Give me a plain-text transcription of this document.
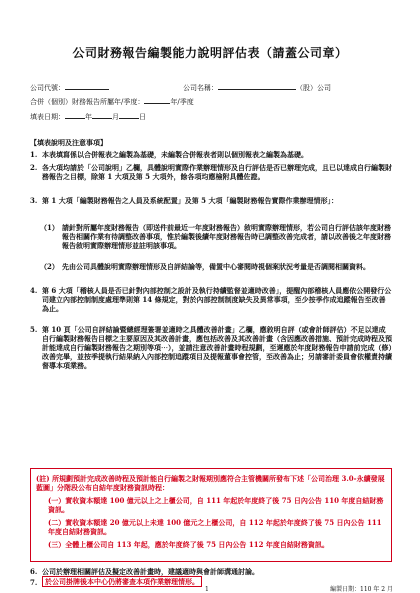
公司財務報告編製能力說明評估表（請蓋公司章）
公司代號：	公司名稱：	（股）公司
合併（個別）財務報告所屬年/季度：	年/季度
填表日期：	年	月	日
【填表說明及注意事項】
1. 本表填寫係以合併報表之編製為基礎，未編製合併報表者則以個別報表之編製為基礎。
2. 各大項均請於「公司說明」乙欄，具體說明實際作業辦理情形及自行評估是否已辦理完成，且已以達成自行編製財務報告之目標，除第 1 大項及第 5 大項外，餘各項均應檢附具體佐證。
3. 第 1 大項「編製財務報告之人員及系統配置」及第 5 大項「編製財務報告實際作業辦理情形」：
（1） 請針對所屬年度財務報告（即送件前最近一年度財務報告）敘明實際辦理情形，若公司自行評估該年度財務報告相關作業有待調整改善事項，惟於編製後續年度財務報告時已調整改善完成者，請以改善後之年度財務報告敘明實際辦理情形並註明該事項。
（2） 先由公司具體說明實際辦理情形及自評結論等，備置中心審閱時視個案狀況考量是否調閱相關資料。
4. 第 6 大項「稽核人員是否已針對內部控制之設計及執行持續監督並適時改善」，提醒內部稽核人員應依公開發行公司建立內部控制制度處理準則第 14 條規定，對於內部控制制度缺失及異常事項，至少按季作成追蹤報告至改善為止。
5. 第 10 頁「公司自評結論暨總經理簽署並適時之具體改善計畫」乙欄，應敘明自評（或會計師評估）不足以達成自行編製財務報告目標之主要原因及其改善計畫，應包括改善及其改善計畫（含因應改善措施、預計完成時程及預計能達成自行編製財務報告之期別等項⋯），並請注意改善計畫時程規劃，至遲應於年度財務報告申請前完成（修）改善完畢，並按季提執行結果納入內部控制追蹤項目及提報董事會控管，至改善為止；另請審計委員會依權責持續督導本項業務。
(註) 所規劃預計完成改善時程及預計能自行編製之財報期別應符合主管機關所發布下述「公司治理 3.0-永續發展藍圖」分階段公布自結年度財務資訊時程：
(一）實收資本額達 100 億元以上之上櫃公司，自 111 年起於年度終了後 75 日內公告 110 年度自結財務資訊。
(二）實收資本額達 20 億元以上未達 100 億元之上櫃公司，自 112 年起於年度終了後 75 日內公告 111 年度自結財務資訊。
(三）全體上櫃公司自 113 年起，應於年度終了後 75 日內公告 112 年度自結財務資訊。
6. 公司於辦理相關評估及擬定改善計畫時，建議適時與會計師溝通討論。
7.	於公司掛牌後本中心仍將審查本項作業辦理情形。
1	編製日期：110 年 2 月
